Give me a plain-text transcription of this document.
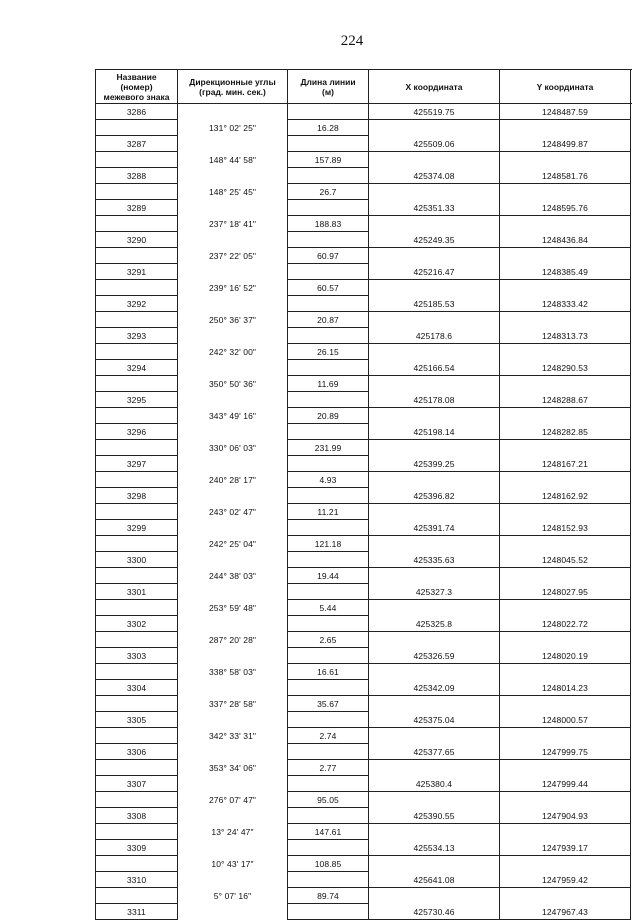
224
Название
(номер)
межевого знака
Дирекционные углы
(град. мин. сек.)
Длина линии
(м)	X координата	Y координата
3286	425519.75	1248487.59
131° 02' 25"	16.28
3287	425509.06	1248499.87
148° 44' 58"	157.89
3288	425374.08	1248581.76
148° 25' 45"	26.7
3289	425351.33	1248595.76
237° 18' 41"	188.83
3290	425249.35	1248436.84
237° 22' 05"	60.97
3291	425216.47	1248385.49
239° 16' 52"	60.57
3292	425185.53	1248333.42
250° 36' 37"	20.87
3293	425178.6	1248313.73
242° 32' 00"	26.15
3294	425166.54	1248290.53
350° 50' 36"	11.69
3295	425178.08	1248288.67
343° 49' 16"	20.89
3296	425198.14	1248282.85
330° 06' 03"	231.99
3297	425399.25	1248167.21
240° 28' 17"	4.93
3298	425396.82	1248162.92
243° 02' 47"	11.21
3299	425391.74	1248152.93
242° 25' 04"	121.18
3300	425335.63	1248045.52
244° 38' 03"	19.44
3301	425327.3	1248027.95
253° 59' 48"	5.44
3302	425325.8	1248022.72
287° 20' 28"	2.65
3303	425326.59	1248020.19
338° 58' 03"	16.61
3304	425342.09	1248014.23
337° 28' 58"	35.67
3305	425375.04	1248000.57
342° 33' 31"	2.74
3306	425377.65	1247999.75
353° 34' 06"	2.77
3307	425380.4	1247999.44
276° 07' 47"	95.05
3308	425390.55	1247904.93
13° 24' 47"	147.61
3309	425534.13	1247939.17
10° 43' 17"	108.85
3310	425641.08	1247959.42
5° 07' 16"	89.74
3311	425730.46	1247967.43
